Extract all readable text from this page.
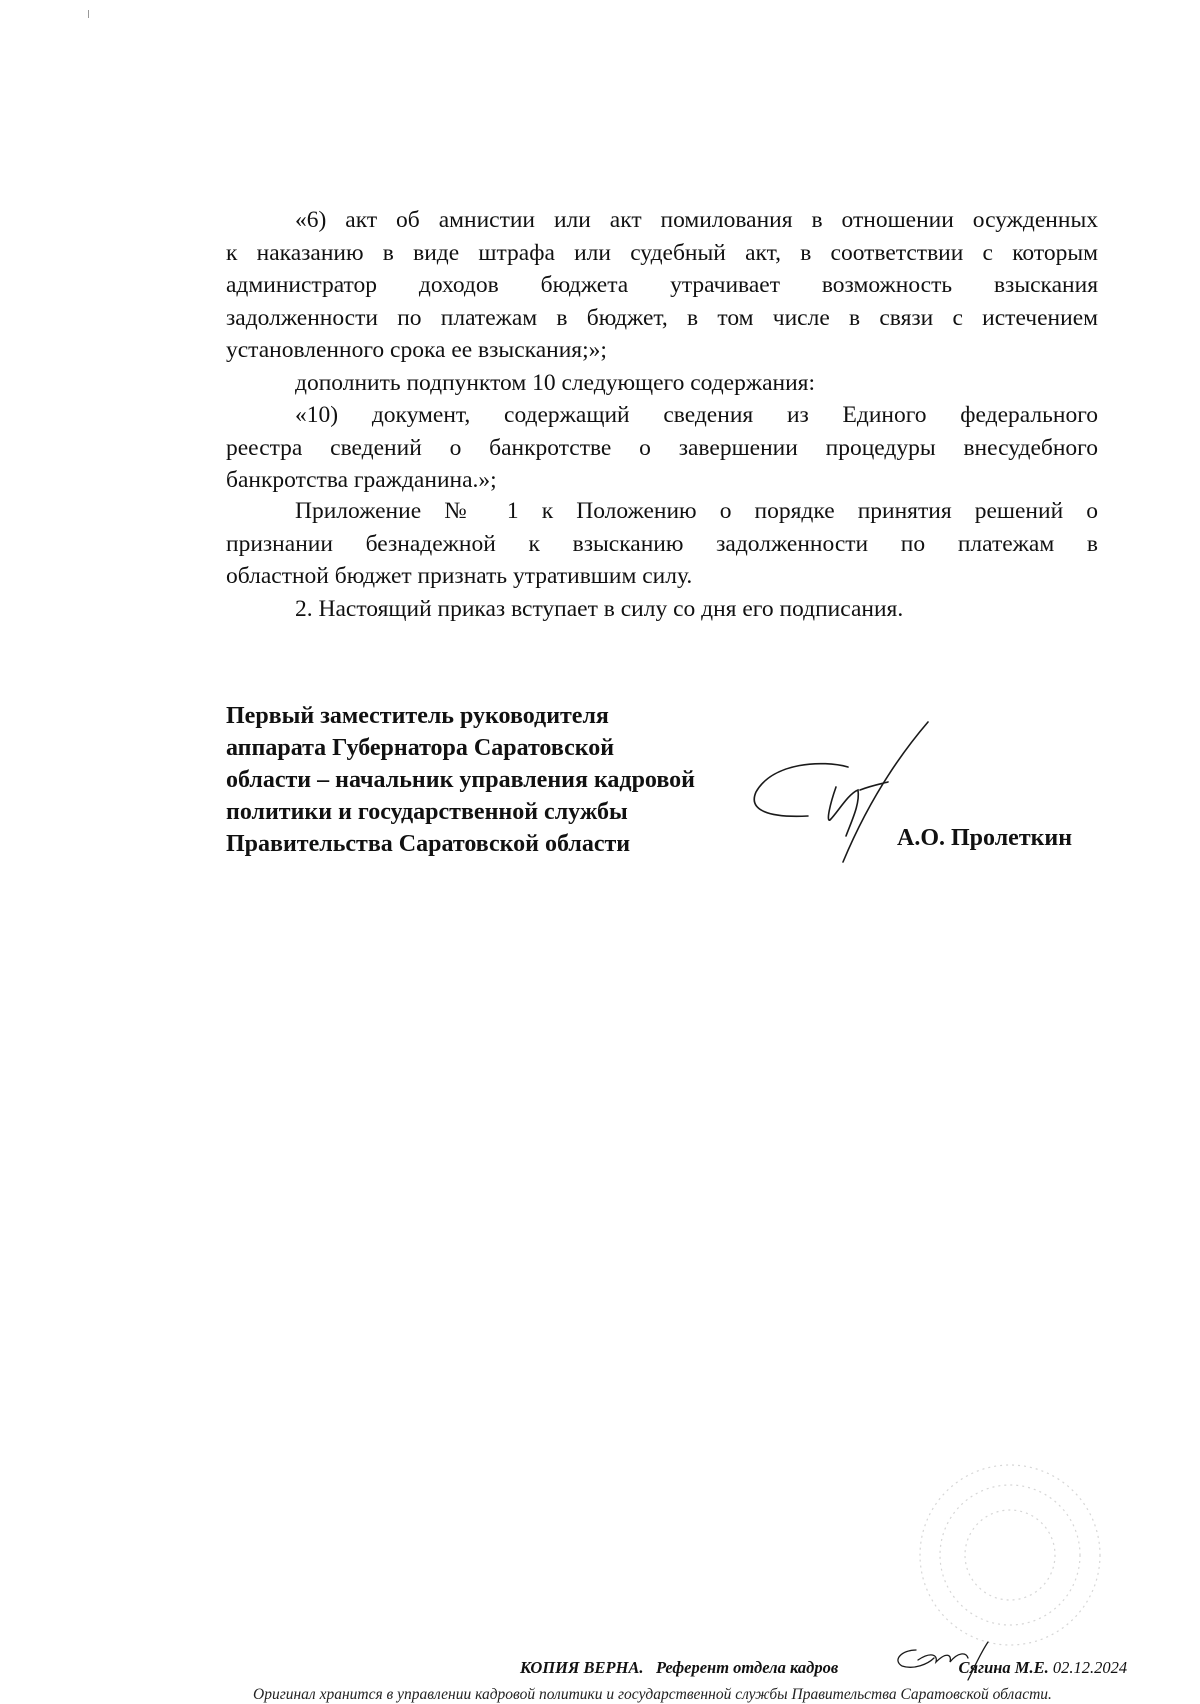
«6) акт об амнистии или акт помилования в отношении осужденных
к наказанию в виде штрафа или судебный акт, в соответствии с которым
администратор доходов бюджета утрачивает возможность взыскания
задолженности по платежам в бюджет, в том числе в связи с истечением
установленного срока ее взыскания;»;

дополнить подпунктом 10 следующего содержания:

«10) документ, содержащий сведения из Единого федерального
реестра сведений о банкротстве о завершении процедуры внесудебного
банкротства гражданина.»;

Приложение № 1 к Положению о порядке принятия решений о
признании безнадежной к взысканию задолженности по платежам в
областной бюджет признать утратившим силу.

2. Настоящий приказ вступает в силу со дня его подписания.

Первый заместитель руководителя
аппарата Губернатора Саратовской
области – начальник управления кадровой
политики и государственной службы
Правительства Саратовской области	А.О. Пролеткин
КОПИЯ ВЕРНА. Референт отдела кадров	Сягина М.Е. 02.12.2024
Оригинал хранится в управлении кадровой политики и государственной службы Правительства Саратовской области.
